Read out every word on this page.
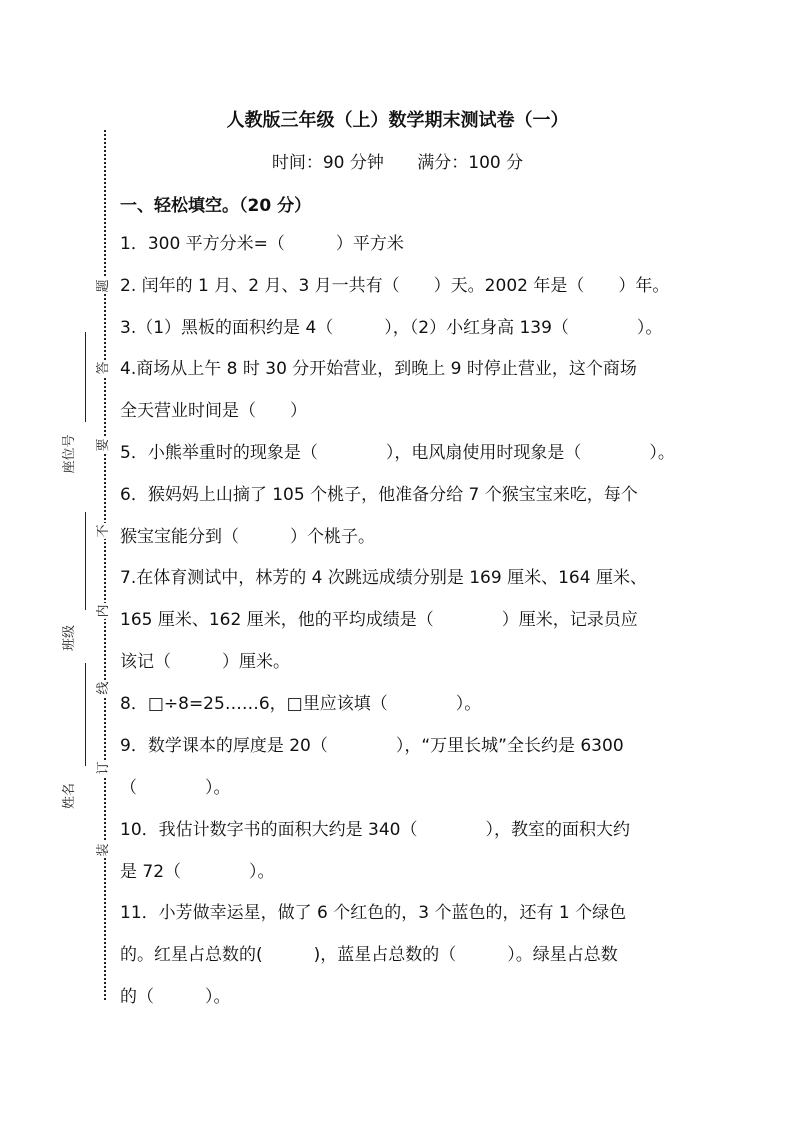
题
答
要
不
内
线
订
装
座位号
班级
姓名
人教版三年级（上）数学期末测试卷（一）
时间：90 分钟 满分：100 分
一、轻松填空。（20 分）
1．300 平方分米=（　　　）平方米
2. 闰年的 1 月、2 月、3 月一共有（　　）天。2002 年是（　　）年。
3.（1）黑板的面积约是 4（　　　），（2）小红身高 139（　　　　）。
4.商场从上午 8 时 30 分开始营业，到晚上 9 时停止营业，这个商场
全天营业时间是（　　）
5．小熊举重时的现象是（　　　　），电风扇使用时现象是（　　　　）。
6．猴妈妈上山摘了 105 个桃子，他准备分给 7 个猴宝宝来吃，每个
猴宝宝能分到（　　　）个桃子。
7.在体育测试中，林芳的 4 次跳远成绩分别是 169 厘米、164 厘米、
165 厘米、162 厘米，他的平均成绩是（　　　　）厘米，记录员应
该记（　　　）厘米。
8．□÷8=25……6，□里应该填（　　　　）。
9．数学课本的厚度是 20（　　　　），“万里长城”全长约是 6300
（　　　　）。
10．我估计数字书的面积大约是 340（　　　　），教室的面积大约
是 72（　　　　）。
11．小芳做幸运星，做了 6 个红色的，3 个蓝色的，还有 1 个绿色
的。红星占总数的(　　　)，蓝星占总数的（　　　）。绿星占总数
的（　　　）。
